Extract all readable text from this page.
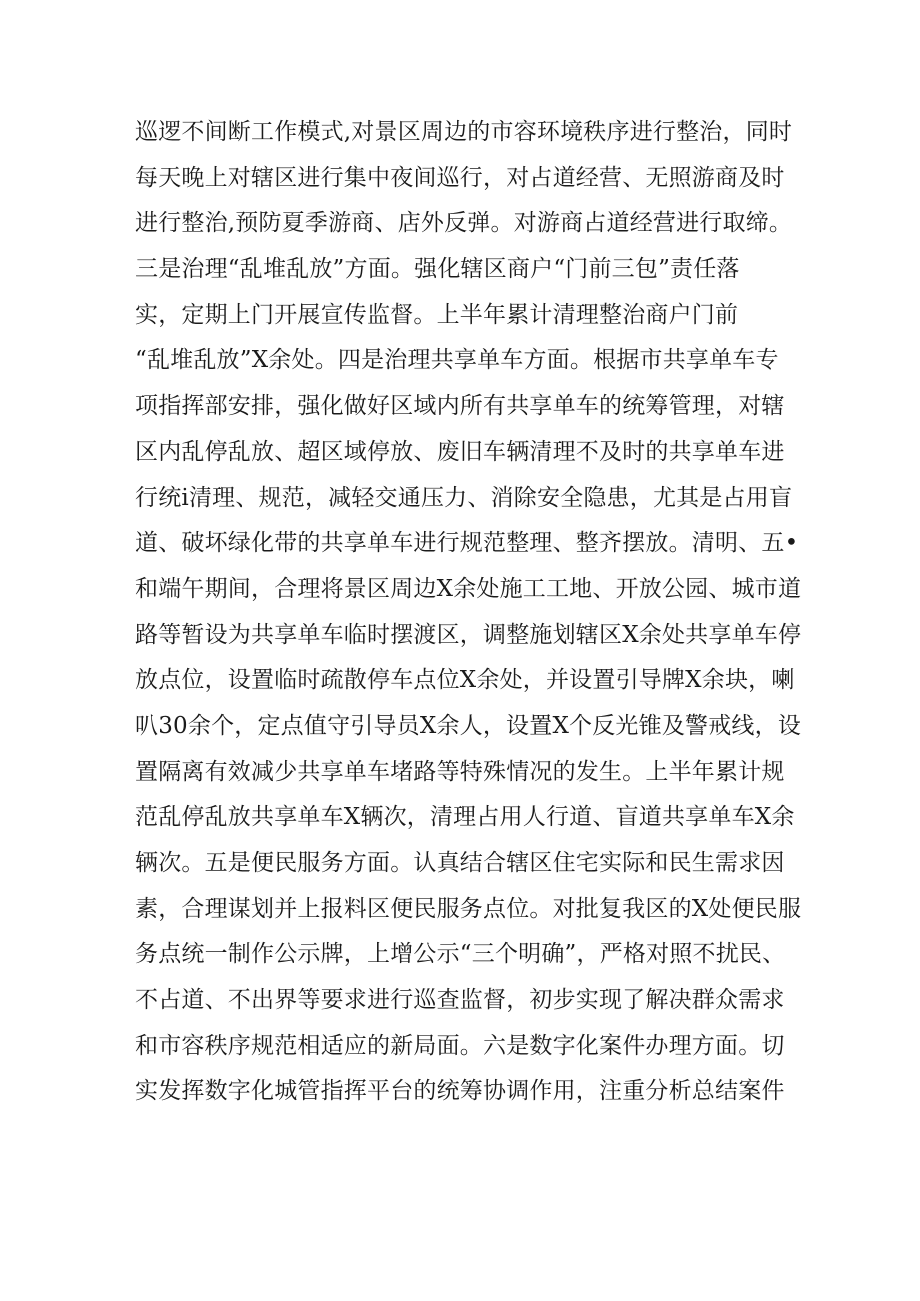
巡逻不间断工作模式,对景区周边的市容环境秩序进行整治，同时
每天晚上对辖区进行集中夜间巡行，对占道经营、无照游商及时
进行整治,预防夏季游商、店外反弹。对游商占道经营进行取缔。
三是治理“乱堆乱放”方面。强化辖区商户“门前三包”责任落
实，定期上门开展宣传监督。上半年累计清理整治商户门前
“乱堆乱放”X余处。四是治理共享单车方面。根据市共享单车专
项指挥部安排，强化做好区域内所有共享单车的统筹管理，对辖
区内乱停乱放、超区域停放、废旧车辆清理不及时的共享单车进
行统i清理、规范，减轻交通压力、消除安全隐患，尤其是占用盲
道、破坏绿化带的共享单车进行规范整理、整齐摆放。清明、五•
和端午期间，合理将景区周边X余处施工工地、开放公园、城市道
路等暂设为共享单车临时摆渡区，调整施划辖区X余处共享单车停
放点位，设置临时疏散停车点位X余处，并设置引导牌X余块，喇
叭30余个，定点值守引导员X余人，设置X个反光锥及警戒线，设
置隔离有效减少共享单车堵路等特殊情况的发生。上半年累计规
范乱停乱放共享单车X辆次，清理占用人行道、盲道共享单车X余
辆次。五是便民服务方面。认真结合辖区住宅实际和民生需求因
素，合理谋划并上报料区便民服务点位。对批复我区的X处便民服
务点统一制作公示牌，上增公示“三个明确”，严格对照不扰民、
不占道、不出界等要求进行巡查监督，初步实现了解决群众需求
和市容秩序规范相适应的新局面。六是数字化案件办理方面。切
实发挥数字化城管指挥平台的统筹协调作用，注重分析总结案件
